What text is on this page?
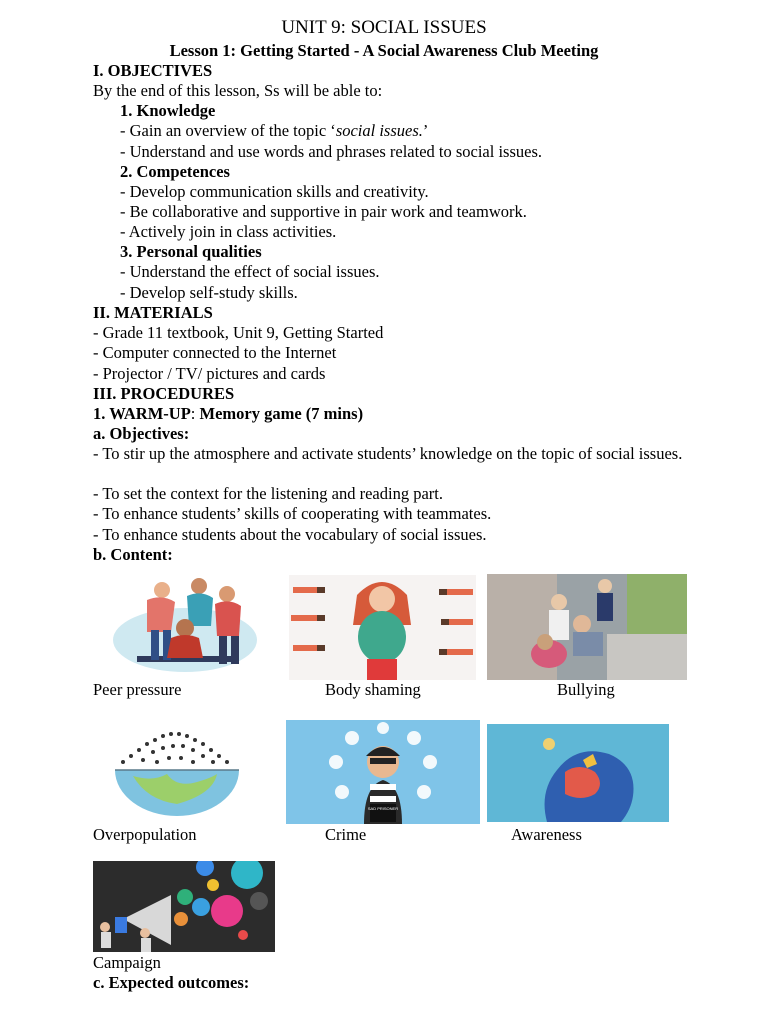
UNIT 9: SOCIAL ISSUES
Lesson 1: Getting Started - A Social Awareness Club Meeting
I. OBJECTIVES
By the end of this lesson, Ss will be able to:
1. Knowledge
- Gain an overview of the topic ‘social issues.’
- Understand and use words and phrases related to social issues.
2. Competences
- Develop communication skills and creativity.
- Be collaborative and supportive in pair work and teamwork.
- Actively join in class activities.
3. Personal qualities
- Understand the effect of social issues.
- Develop self-study skills.
II. MATERIALS
- Grade 11 textbook, Unit 9, Getting Started
- Computer connected to the Internet
- Projector / TV/ pictures and cards
III. PROCEDURES
1. WARM-UP: Memory game (7 mins)
a. Objectives:
- To stir up the atmosphere and activate students’ knowledge on the topic of social issues.
- To set the context for the listening and reading part.
- To enhance students’ skills of cooperating with teammates.
- To enhance students about the vocabulary of social issues.
b. Content:
Peer pressure	Body shaming	Bullying
SAD PRISONER
Overpopulation	Crime	Awareness
Campaign
c. Expected outcomes:
